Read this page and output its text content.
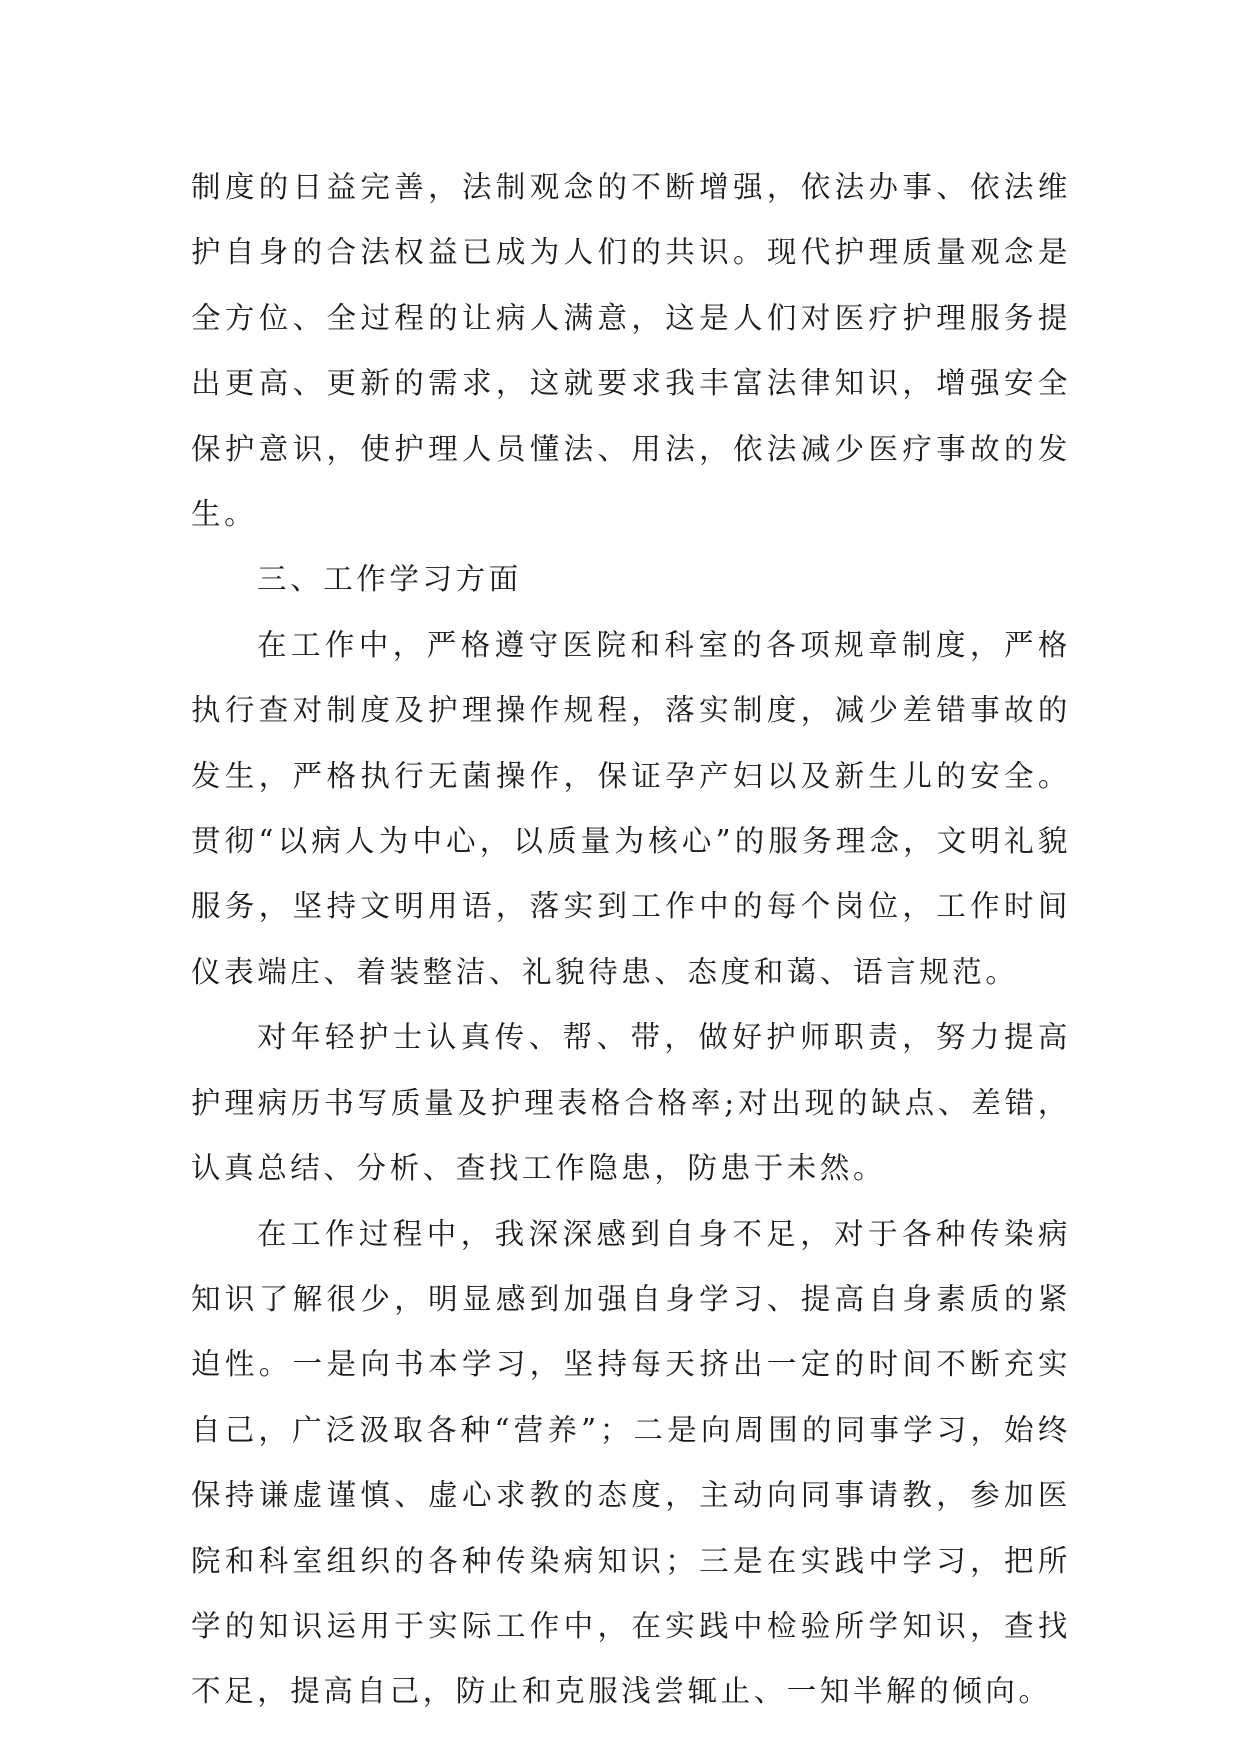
制度的日益完善，法制观念的不断增强，依法办事、依法维护自身的合法权益已成为人们的共识。现代护理质量观念是全方位、全过程的让病人满意，这是人们对医疗护理服务提出更高、更新的需求，这就要求我丰富法律知识，增强安全保护意识，使护理人员懂法、用法，依法减少医疗事故的发生。

三、工作学习方面

在工作中，严格遵守医院和科室的各项规章制度，严格执行查对制度及护理操作规程，落实制度，减少差错事故的发生，严格执行无菌操作，保证孕产妇以及新生儿的安全。贯彻“以病人为中心，以质量为核心”的服务理念，文明礼貌服务，坚持文明用语，落实到工作中的每个岗位，工作时间仪表端庄、着装整洁、礼貌待患、态度和蔼、语言规范。

对年轻护士认真传、帮、带，做好护师职责，努力提高护理病历书写质量及护理表格合格率;对出现的缺点、差错，认真总结、分析、查找工作隐患，防患于未然。

在工作过程中，我深深感到自身不足，对于各种传染病知识了解很少，明显感到加强自身学习、提高自身素质的紧迫性。一是向书本学习，坚持每天挤出一定的时间不断充实自己，广泛汲取各种“营养”；二是向周围的同事学习，始终保持谦虚谨慎、虚心求教的态度，主动向同事请教，参加医院和科室组织的各种传染病知识；三是在实践中学习，把所学的知识运用于实际工作中，在实践中检验所学知识，查找不足，提高自己，防止和克服浅尝辄止、一知半解的倾向。
